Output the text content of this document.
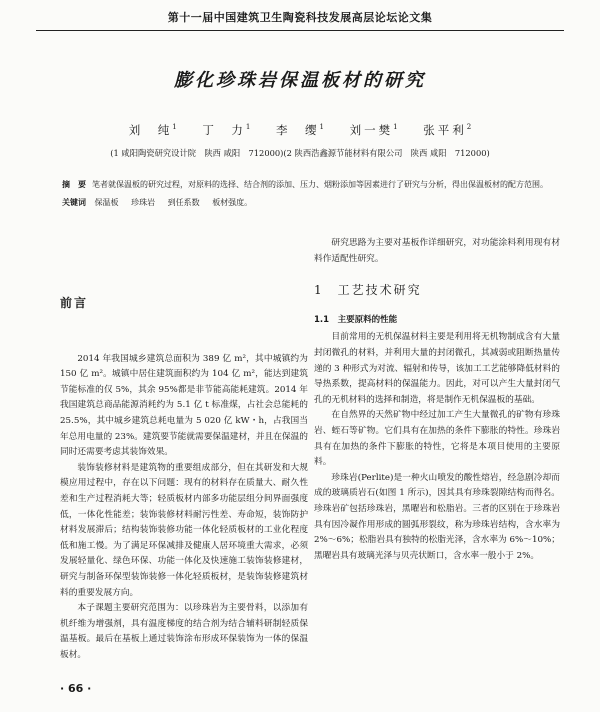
第十一届中国建筑卫生陶瓷科技发展高层论坛论文集
膨化珍珠岩保温板材的研究
刘　纯$^1$ 丁　力$^1$ 李　缨$^1$ 刘一樊$^1$ 张平利$^2$
(1 咸阳陶瓷研究设计院　陕西 咸阳　712000)(2 陕西浩鑫源节能材料有限公司　陕西 咸阳　712000)
摘　要 笔者就保温板的研究过程，对原料的选择、结合剂的添加、压力、烟粉添加等因素进行了研究与分析，得出保温板材的配方范围。
关键词 保温板 珍珠岩 到任系数 板材强度。
前言

2014 年我国城乡建筑总面积为 389 亿 m²，其中城镇约为 150 亿 m²。城镇中居住建筑面积约为 104 亿 m²，能达到建筑节能标准的仅 5%，其余 95%都是非节能高能耗建筑。2014 年我国建筑总商品能源消耗约为 5.1 亿 t 标准煤，占社会总能耗的 25.5%，其中城乡建筑总耗电量为 5 020 亿 kW・h，占我国当年总用电量的 23%。建筑要节能就需要保温建材，并且在保温的同时还需要考虑其装饰效果。

装饰装修材料是建筑物的重要组成部分，但在其研发和大规模应用过程中，存在以下问题：现有的材料存在质量大、耐久性差和生产过程消耗大等；轻质板材内部多功能层组分间界面强度低，一体化性能差；装饰装修材料耐污性差、寿命短，装饰防护材料发展滞后；结构装饰装修功能一体化轻质板材的工业化程度低和施工慢。为了满足环保减排及健康人居环境重大需求，必须发展轻量化、绿色环保、功能一体化及快速施工装饰装修建材，研究与制备环保型装饰装修一体化轻质板材，是装饰装修建筑材料的重要发展方向。

本子课题主要研究范围为：以珍珠岩为主要骨料，以添加有机纤维为增强剂，具有温度梯度的结合剂为结合辅料研制轻质保温基板。最后在基板上通过装饰涂布形成环保装饰为一体的保温板材。

研究思路为主要对基板作详细研究，对功能涂料利用现有材料作适配性研究。

1　 工艺技术研究
1.1　 主要原料的性能

目前常用的无机保温材料主要是利用将无机物制成含有大量封闭微孔的材料，并利用大量的封闭微孔，其减弱或阻断热量传递的 3 种形式为对流、辐射和传导，该加工工艺能够降低材料的导热系数，提高材料的保温能力。因此，对可以产生大量封闭气孔的无机材料的选择和制造，将是制作无机保温板的基础。

在自然界的天然矿物中经过加工产生大量微孔的矿物有珍珠岩、蛭石等矿物。它们具有在加热的条件下膨胀的特性。珍珠岩具有在加热的条件下膨胀的特性，它将是本项目使用的主要原料。

珍珠岩(Perlite)是一种火山喷发的酸性熔岩，经急剧冷却而成的玻璃质岩石(如图 1 所示)，因其具有珍珠裂隙结构而得名。珍珠岩矿包括珍珠岩，黑曜岩和松脂岩。三者的区别在于珍珠岩具有因冷凝作用形成的圆弧形裂纹，称为珍珠岩结构，含水率为 2%～6%；松脂岩具有独特的松脂光泽，含水率为 6%～10%；黑曜岩具有玻璃光泽与贝壳状断口，含水率一般小于 2%。

· 66 ·
